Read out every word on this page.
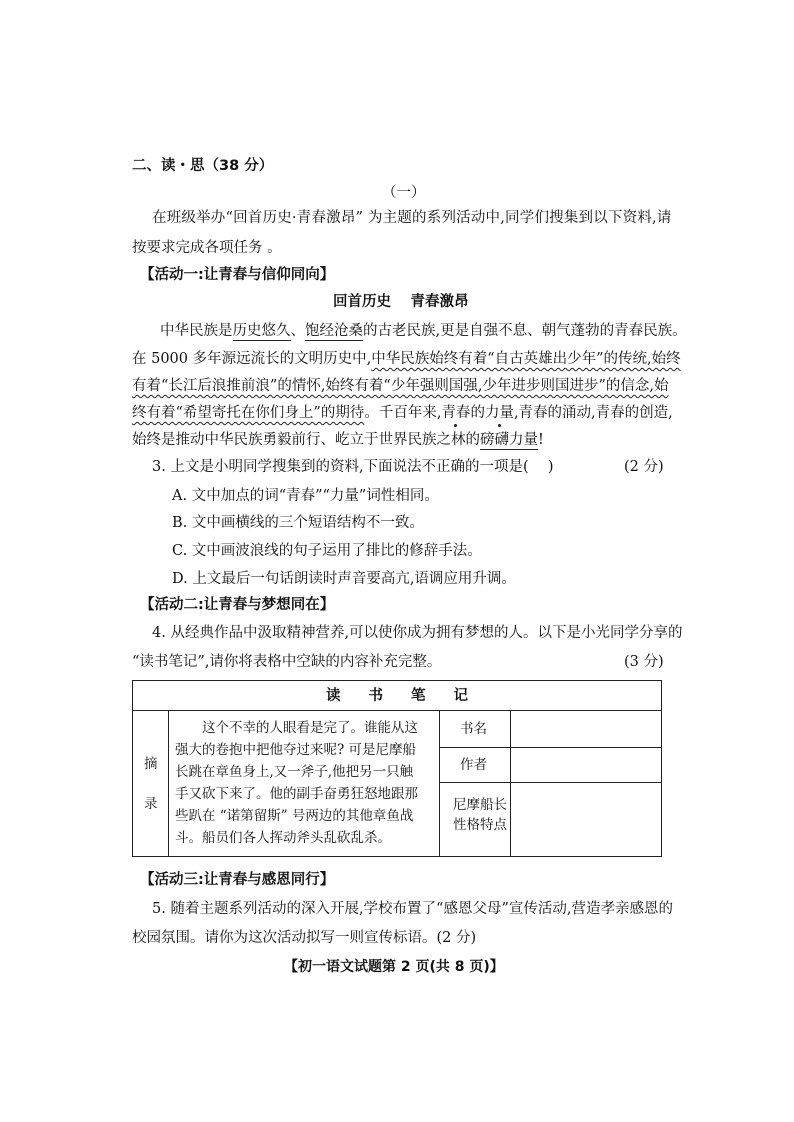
二、读・思（38 分）
（一）
在班级举办“回首历史·青春激昂” 为主题的系列活动中,同学们搜集到以下资料,请
按要求完成各项任务 。
【活动一:让青春与信仰同向】
回首历史　 青春激昂
中华民族是历史悠久、饱经沧桑的古老民族,更是自强不息、朝气蓬勃的青春民族。
在 5000 多年源远流长的文明历史中,中华民族始终有着“自古英雄出少年”的传统,始终
有着“长江后浪推前浪”的情怀,始终有着“少年强则国强,少年进步则国进步”的信念,始
终有着“希望寄托在你们身上”的期待。千百年来,青春的力量,青春的涌动,青春的创造,
始终是推动中华民族勇毅前行、屹立于世界民族之林的磅礴力量!
3. 上文是小明同学搜集到的资料,下面说法不正确的一项是(　 )	(2 分)
A. 文中加点的词“青春”“力量”词性相同。
B. 文中画横线的三个短语结构不一致。
C. 文中画波浪线的句子运用了排比的修辞手法。
D. 上文最后一句话朗读时声音要高亢,语调应用升调。
【活动二:让青春与梦想同在】
4. 从经典作品中汲取精神营养,可以使你成为拥有梦想的人。以下是小光同学分享的
“读书笔记”,请你将表格中空缺的内容补充完整。	(3 分)
读书笔记
摘
录
　　这个不幸的人眼看是完了。谁能从这
强大的卷抱中把他夺过来呢? 可是尼摩船
长跳在章鱼身上,又一斧子,他把另一只触
手又砍下来了。他的副手奋勇狂怒地跟那
些趴在 “诺第留斯” 号两边的其他章鱼战
斗。船员们各人挥动斧头乱砍乱杀。
书名
作者
尼摩船长
性格特点
【活动三:让青春与感恩同行】
5. 随着主题系列活动的深入开展,学校布置了“感恩父母”宣传活动,营造孝亲感恩的
校园氛围。请你为这次活动拟写一则宣传标语。(2 分)
【初一语文试题第 2 页(共 8 页)】
